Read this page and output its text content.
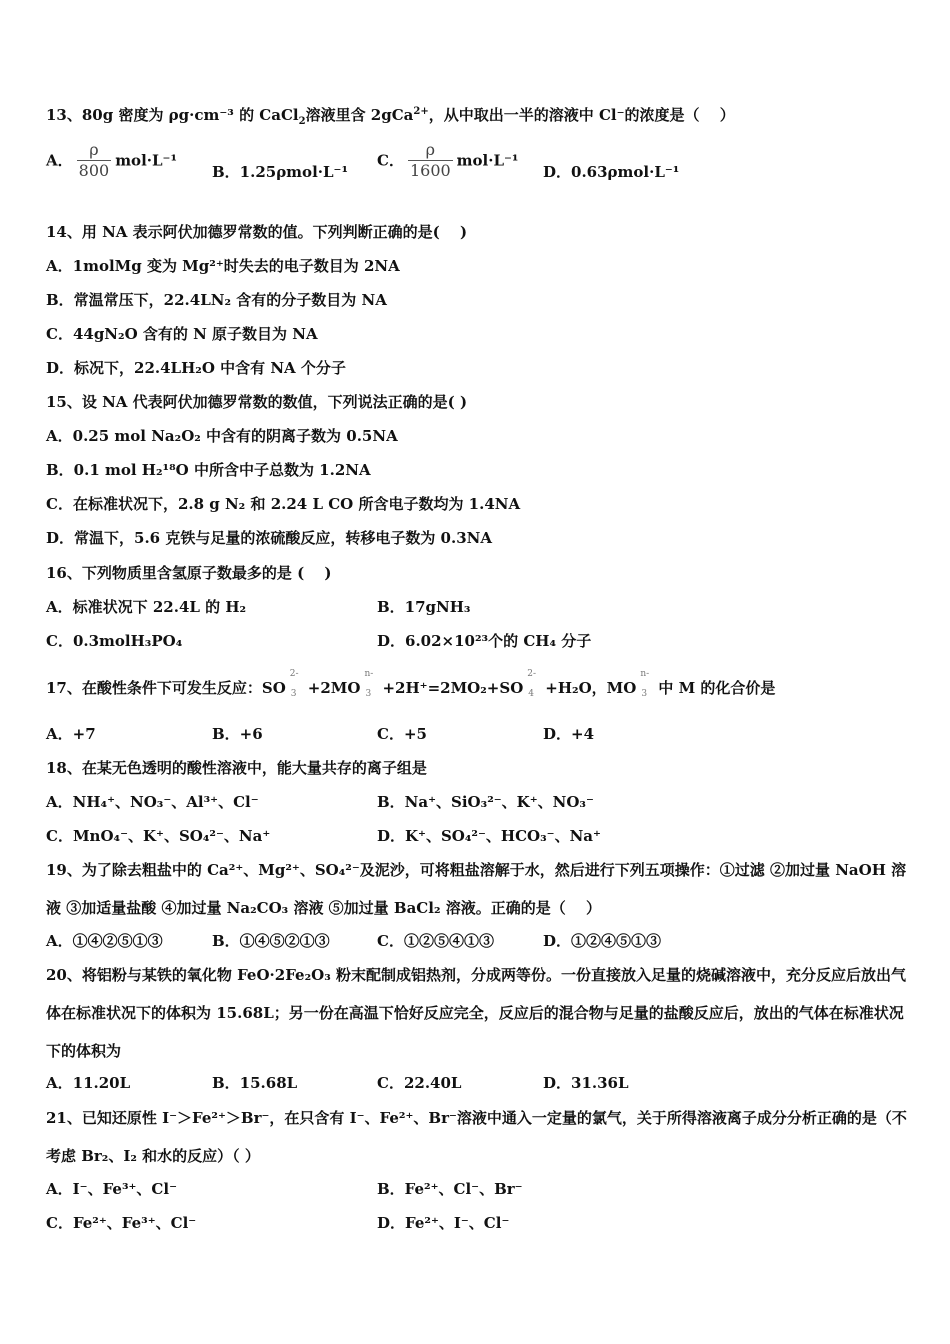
13、80g 密度为 ρg·cm⁻³ 的 CaCl$_2$溶液里含 2gCa$^{2+}$，从中取出一半的溶液中 Cl⁻的浓度是（　 ）
A． $\frac{\rho}{800} mol\cdot L^{-1}$
B．1.25ρmol·L⁻¹
C． $\frac{\rho}{1600} mol\cdot L^{-1}$
D．0.63ρmol·L⁻¹
14、用 NA 表示阿伏加德罗常数的值。下列判断正确的是(　 )
A．1molMg 变为 Mg²⁺时失去的电子数目为 2NA
B．常温常压下，22.4LN₂ 含有的分子数目为 NA
C．44gN₂O 含有的 N 原子数目为 NA
D．标况下，22.4LH₂O 中含有 NA 个分子
15、设 NA 代表阿伏加德罗常数的数值，下列说法正确的是( )
A．0.25 mol Na₂O₂ 中含有的阴离子数为 0.5NA
B．0.1 mol H₂¹⁸O 中所含中子总数为 1.2NA
C．在标准状况下，2.8 g N₂ 和 2.24 L CO 所含电子数均为 1.4NA
D．常温下，5.6 克铁与足量的浓硫酸反应，转移电子数为 0.3NA
16、下列物质里含氢原子数最多的是 (　 )
A．标准状况下 22.4L 的 H₂	B．17gNH₃
C．0.3molH₃PO₄	D．6.02×10²³个的 CH₄ 分子
17、在酸性条件下可发生反应：SO
2-
3 +2MO
n-
3 +2H⁺=2MO₂+SO
2-
4 +H₂O，MO
n-
3 中 M 的化合价是
A．+7	B．+6	C．+5	D．+4
18、在某无色透明的酸性溶液中，能大量共存的离子组是
A．NH₄⁺、NO₃⁻、Al³⁺、Cl⁻	B．Na⁺、SiO₃²⁻、K⁺、NO₃⁻
C．MnO₄⁻、K⁺、SO₄²⁻、Na⁺	D．K⁺、SO₄²⁻、HCO₃⁻、Na⁺
19、为了除去粗盐中的 Ca²⁺、Mg²⁺、SO₄²⁻及泥沙，可将粗盐溶解于水，然后进行下列五项操作：①过滤 ②加过量 NaOH 溶液 ③加适量盐酸 ④加过量 Na₂CO₃ 溶液 ⑤加过量 BaCl₂ 溶液。正确的是（　 ）
A．①④②⑤①③	B．①④⑤②①③	C．①②⑤④①③	D．①②④⑤①③
20、将铝粉与某铁的氧化物 FeO·2Fe₂O₃ 粉末配制成铝热剂，分成两等份。一份直接放入足量的烧碱溶液中，充分反应后放出气体在标准状况下的体积为 15.68L；另一份在高温下恰好反应完全，反应后的混合物与足量的盐酸反应后，放出的气体在标准状况下的体积为
A．11.20L	B．15.68L	C．22.40L	D．31.36L
21、已知还原性 I⁻＞Fe²⁺＞Br⁻，在只含有 I⁻、Fe²⁺、Br⁻溶液中通入一定量的氯气，关于所得溶液离子成分分析正确的是（不考虑 Br₂、I₂ 和水的反应）（ ）
A．I⁻、Fe³⁺、Cl⁻	B．Fe²⁺、Cl⁻、Br⁻
C．Fe²⁺、Fe³⁺、Cl⁻	D．Fe²⁺、I⁻、Cl⁻
